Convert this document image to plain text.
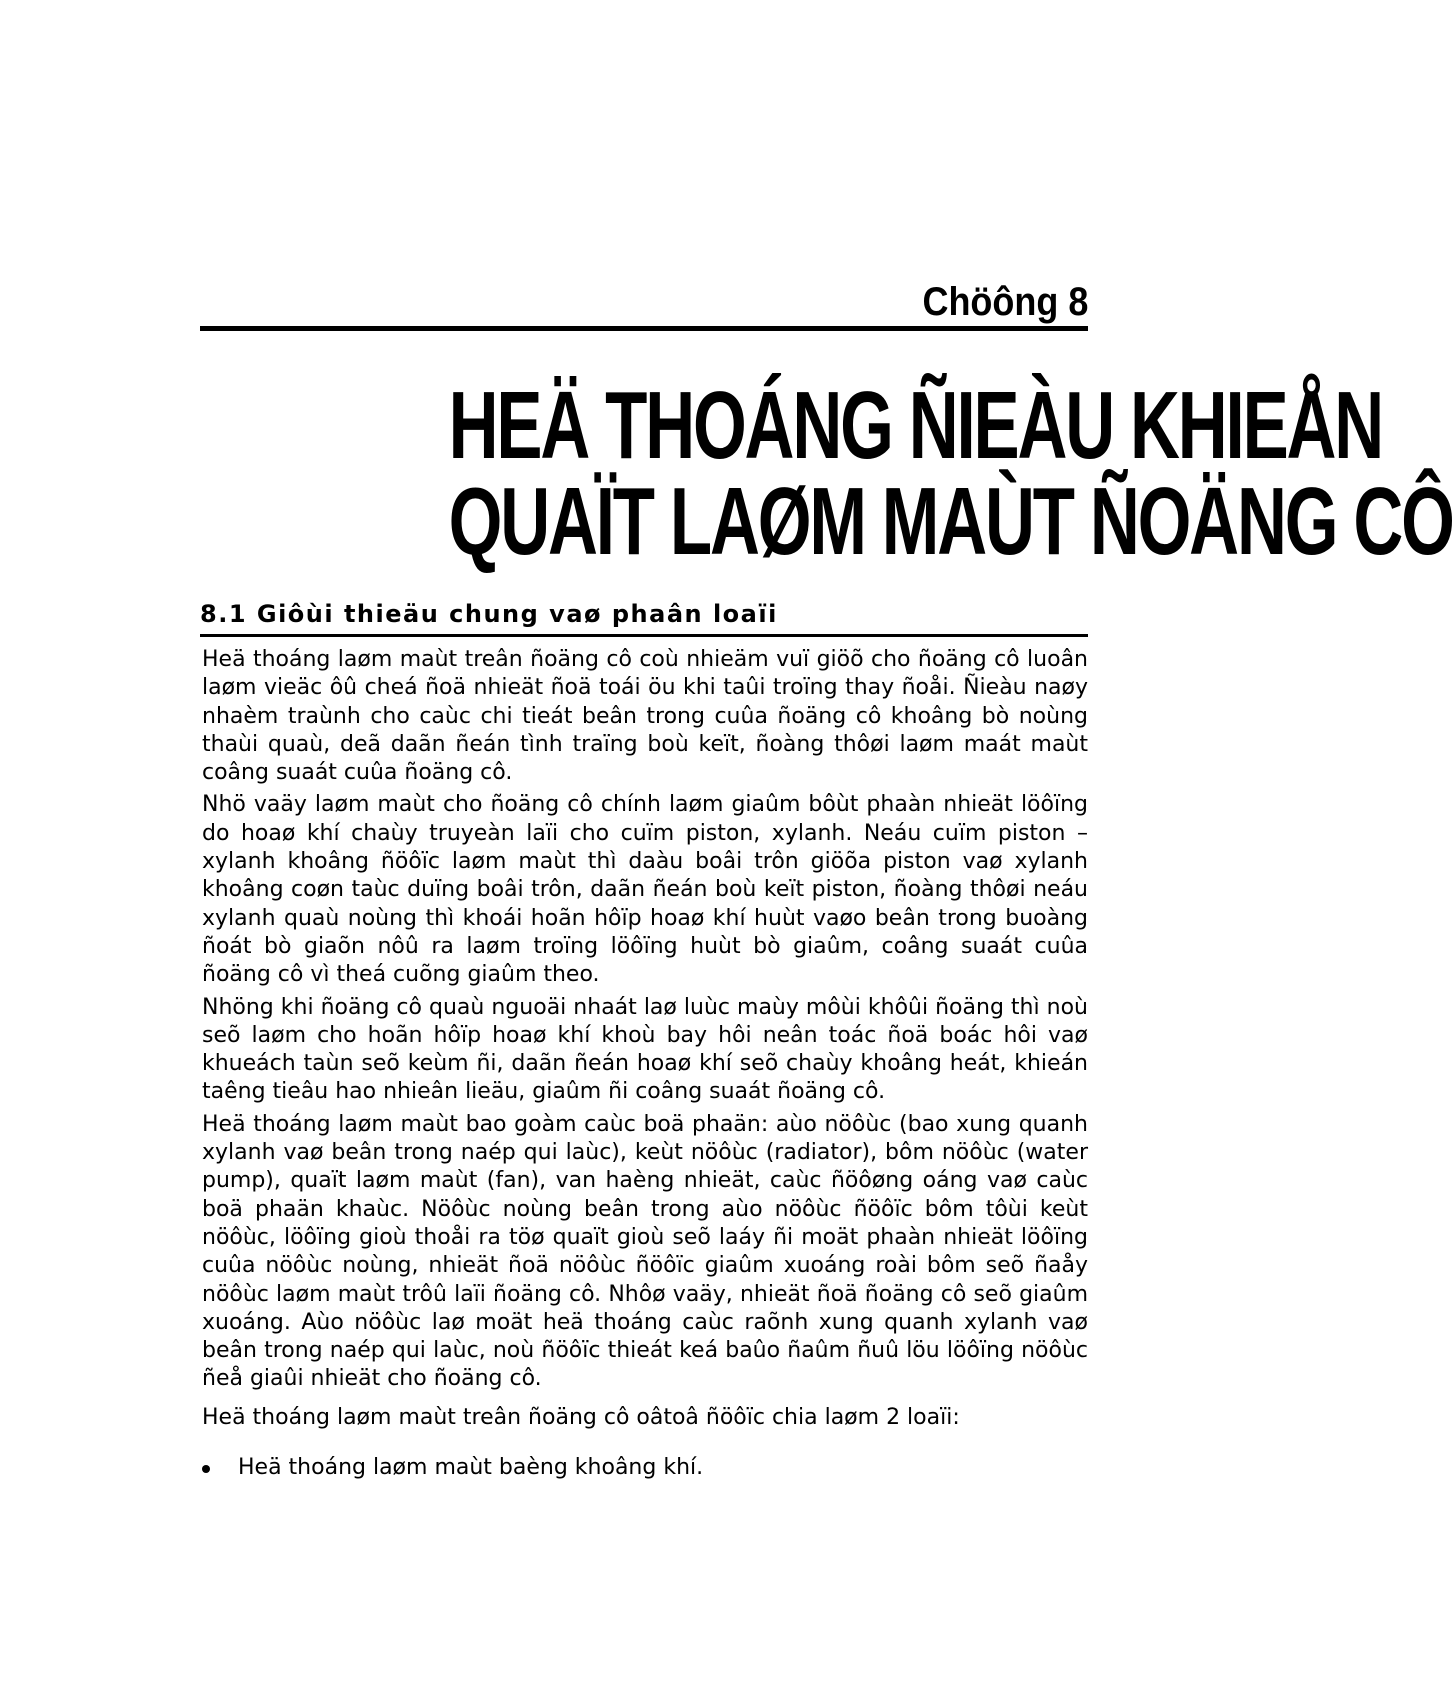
Chöông 8
HEÄ THOÁNG ÑIEÀU KHIEÅN
QUAÏT LAØM MAÙT ÑOÄNG CÔ
8.1 Giôùi thieäu chung vaø phaân loaïi

Heä thoáng laøm maùt treân ñoäng cô coù nhieäm vuï giöõ cho ñoäng cô luoân laøm vieäc ôû cheá ñoä nhieät ñoä toái öu khi taûi troïng thay ñoåi. Ñieàu naøy nhaèm traùnh cho caùc chi tieát beân trong cuûa ñoäng cô khoâng bò noùng thaùi quaù, deã daãn ñeán tình traïng boù keït, ñoàng thôøi laøm maát maùt coâng suaát cuûa ñoäng cô.

Nhö vaäy laøm maùt cho ñoäng cô chính laøm giaûm bôùt phaàn nhieät löôïng do hoaø khí chaùy truyeàn laïi cho cuïm piston, xylanh. Neáu cuïm piston – xylanh khoâng ñöôïc laøm maùt thì daàu boâi trôn giöõa piston vaø xylanh khoâng coøn taùc duïng boâi trôn, daãn ñeán boù keït piston, ñoàng thôøi neáu xylanh quaù noùng thì khoái hoãn hôïp hoaø khí huùt vaøo beân trong buoàng ñoát bò giaõn nôû ra laøm troïng löôïng huùt bò giaûm, coâng suaát cuûa ñoäng cô vì theá cuõng giaûm theo.

Nhöng khi ñoäng cô quaù nguoäi nhaát laø luùc maùy môùi khôûi ñoäng thì noù seõ laøm cho hoãn hôïp hoaø khí khoù bay hôi neân toác ñoä boác hôi vaø khueách taùn seõ keùm ñi, daãn ñeán hoaø khí seõ chaùy khoâng heát, khieán taêng tieâu hao nhieân lieäu, giaûm ñi coâng suaát ñoäng cô.

Heä thoáng laøm maùt bao goàm caùc boä phaän: aùo nöôùc (bao xung quanh xylanh vaø beân trong naép qui laùc), keùt nöôùc (radiator), bôm nöôùc (water pump), quaït laøm maùt (fan), van haèng nhieät, caùc ñöôøng oáng vaø caùc boä phaän khaùc. Nöôùc noùng beân trong aùo nöôùc ñöôïc bôm tôùi keùt nöôùc, löôïng gioù thoåi ra töø quaït gioù seõ laáy ñi moät phaàn nhieät löôïng cuûa nöôùc noùng, nhieät ñoä nöôùc ñöôïc giaûm xuoáng roài bôm seõ ñaåy nöôùc laøm maùt trôû laïi ñoäng cô. Nhôø vaäy, nhieät ñoä ñoäng cô seõ giaûm xuoáng. Aùo nöôùc laø moät heä thoáng caùc raõnh xung quanh xylanh vaø beân trong naép qui laùc, noù ñöôïc thieát keá baûo ñaûm ñuû löu löôïng nöôùc ñeå giaûi nhieät cho ñoäng cô.

Heä thoáng laøm maùt treân ñoäng cô oâtoâ ñöôïc chia laøm 2 loaïi:

Heä thoáng laøm maùt baèng khoâng khí.
